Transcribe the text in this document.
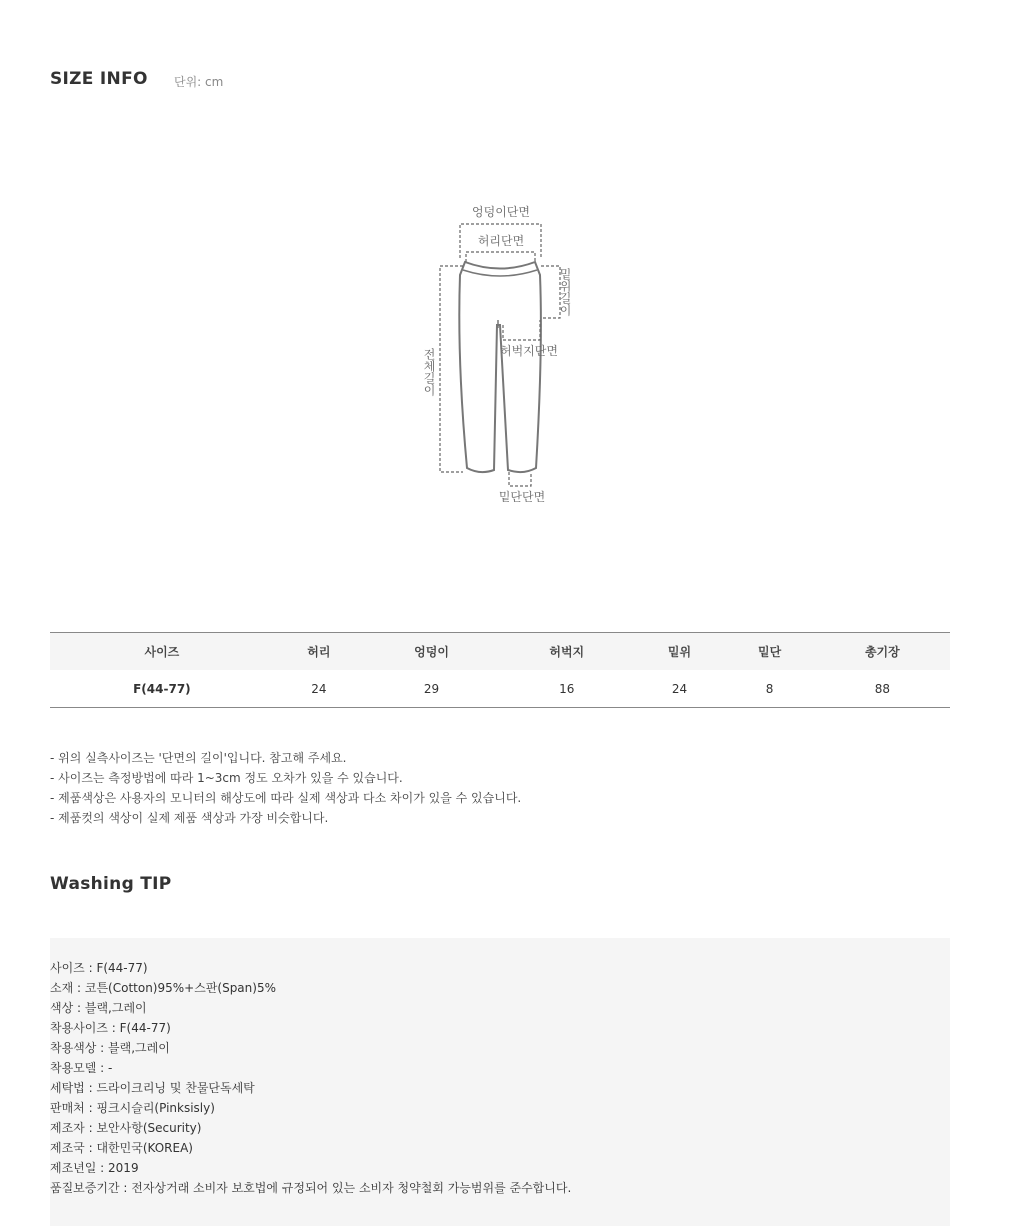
SIZE INFO 단위: cm
엉덩이단면
허리단면
밑위길이
허벅지단면
전체길이
밑단단면
사이즈	허리	엉덩이	허벅지	밑위	밑단	총기장
F(44-77)	24	29	16	24	8	88
- 위의 실측사이즈는 '단면의 길이'입니다. 참고해 주세요.
- 사이즈는 측정방법에 따라 1~3cm 정도 오차가 있을 수 있습니다.
- 제품색상은 사용자의 모니터의 해상도에 따라 실제 색상과 다소 차이가 있을 수 있습니다.
- 제품컷의 색상이 실제 제품 색상과 가장 비슷합니다.
Washing TIP
사이즈 : F(44-77)
소재 : 코튼(Cotton)95%+스판(Span)5%
색상 : 블랙,그레이
착용사이즈 : F(44-77)
착용색상 : 블랙,그레이
착용모델 : -
세탁법 : 드라이크리닝 및 찬물단독세탁
판매처 : 핑크시슬리(Pinksisly)
제조자 : 보안사항(Security)
제조국 : 대한민국(KOREA)
제조년일 : 2019
품질보증기간 : 전자상거래 소비자 보호법에 규정되어 있는 소비자 청약철회 가능범위를 준수합니다.
